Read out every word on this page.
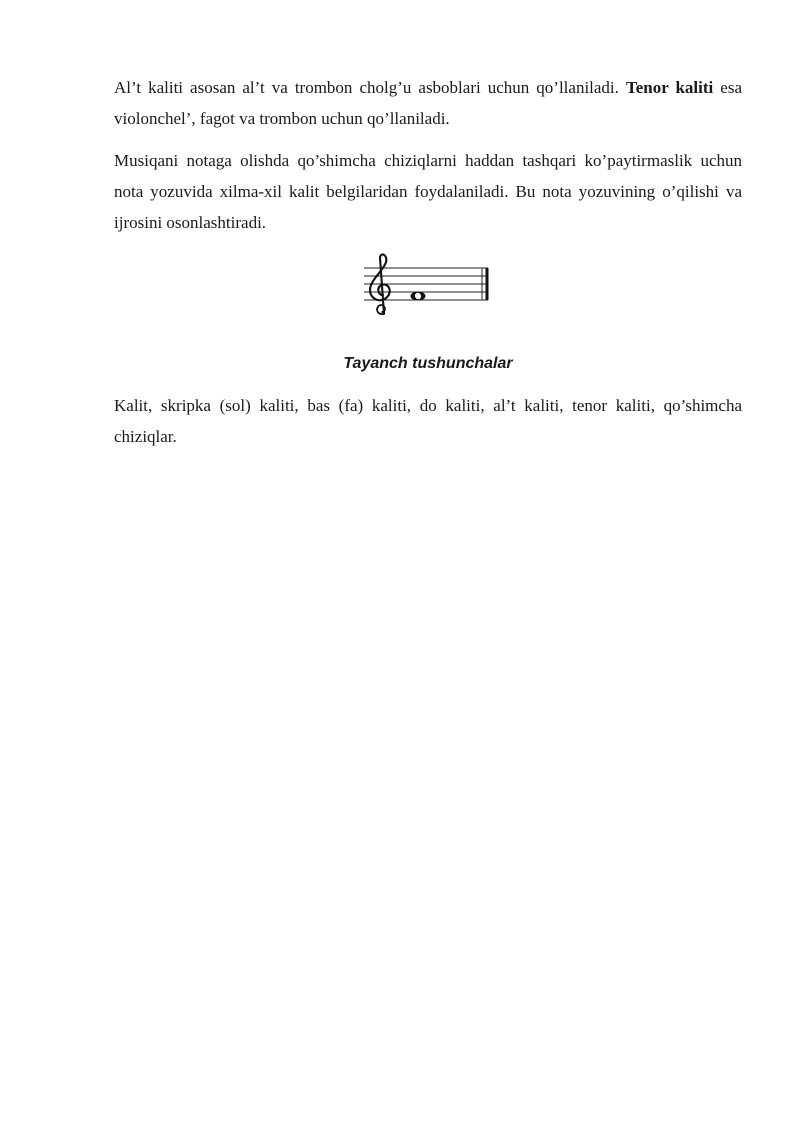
Al’t kaliti asosan al’t va trombon cholg’u asboblari uchun qo’llaniladi. Tenor kaliti esa violonchel’, fagot va trombon uchun qo’llaniladi.

Musiqani notaga olishda qo’shimcha chiziqlarni haddan tashqari ko’paytirmaslik uchun nota yozuvida xilma-xil kalit belgilaridan foydalaniladi. Bu nota yozuvining o’qilishi va ijrosini osonlashtiradi.

Tayanch tushunchalar

Kalit, skripka (sol) kaliti, bas (fa) kaliti, do kaliti, al’t kaliti, tenor kaliti, qo’shimcha chiziqlar.
